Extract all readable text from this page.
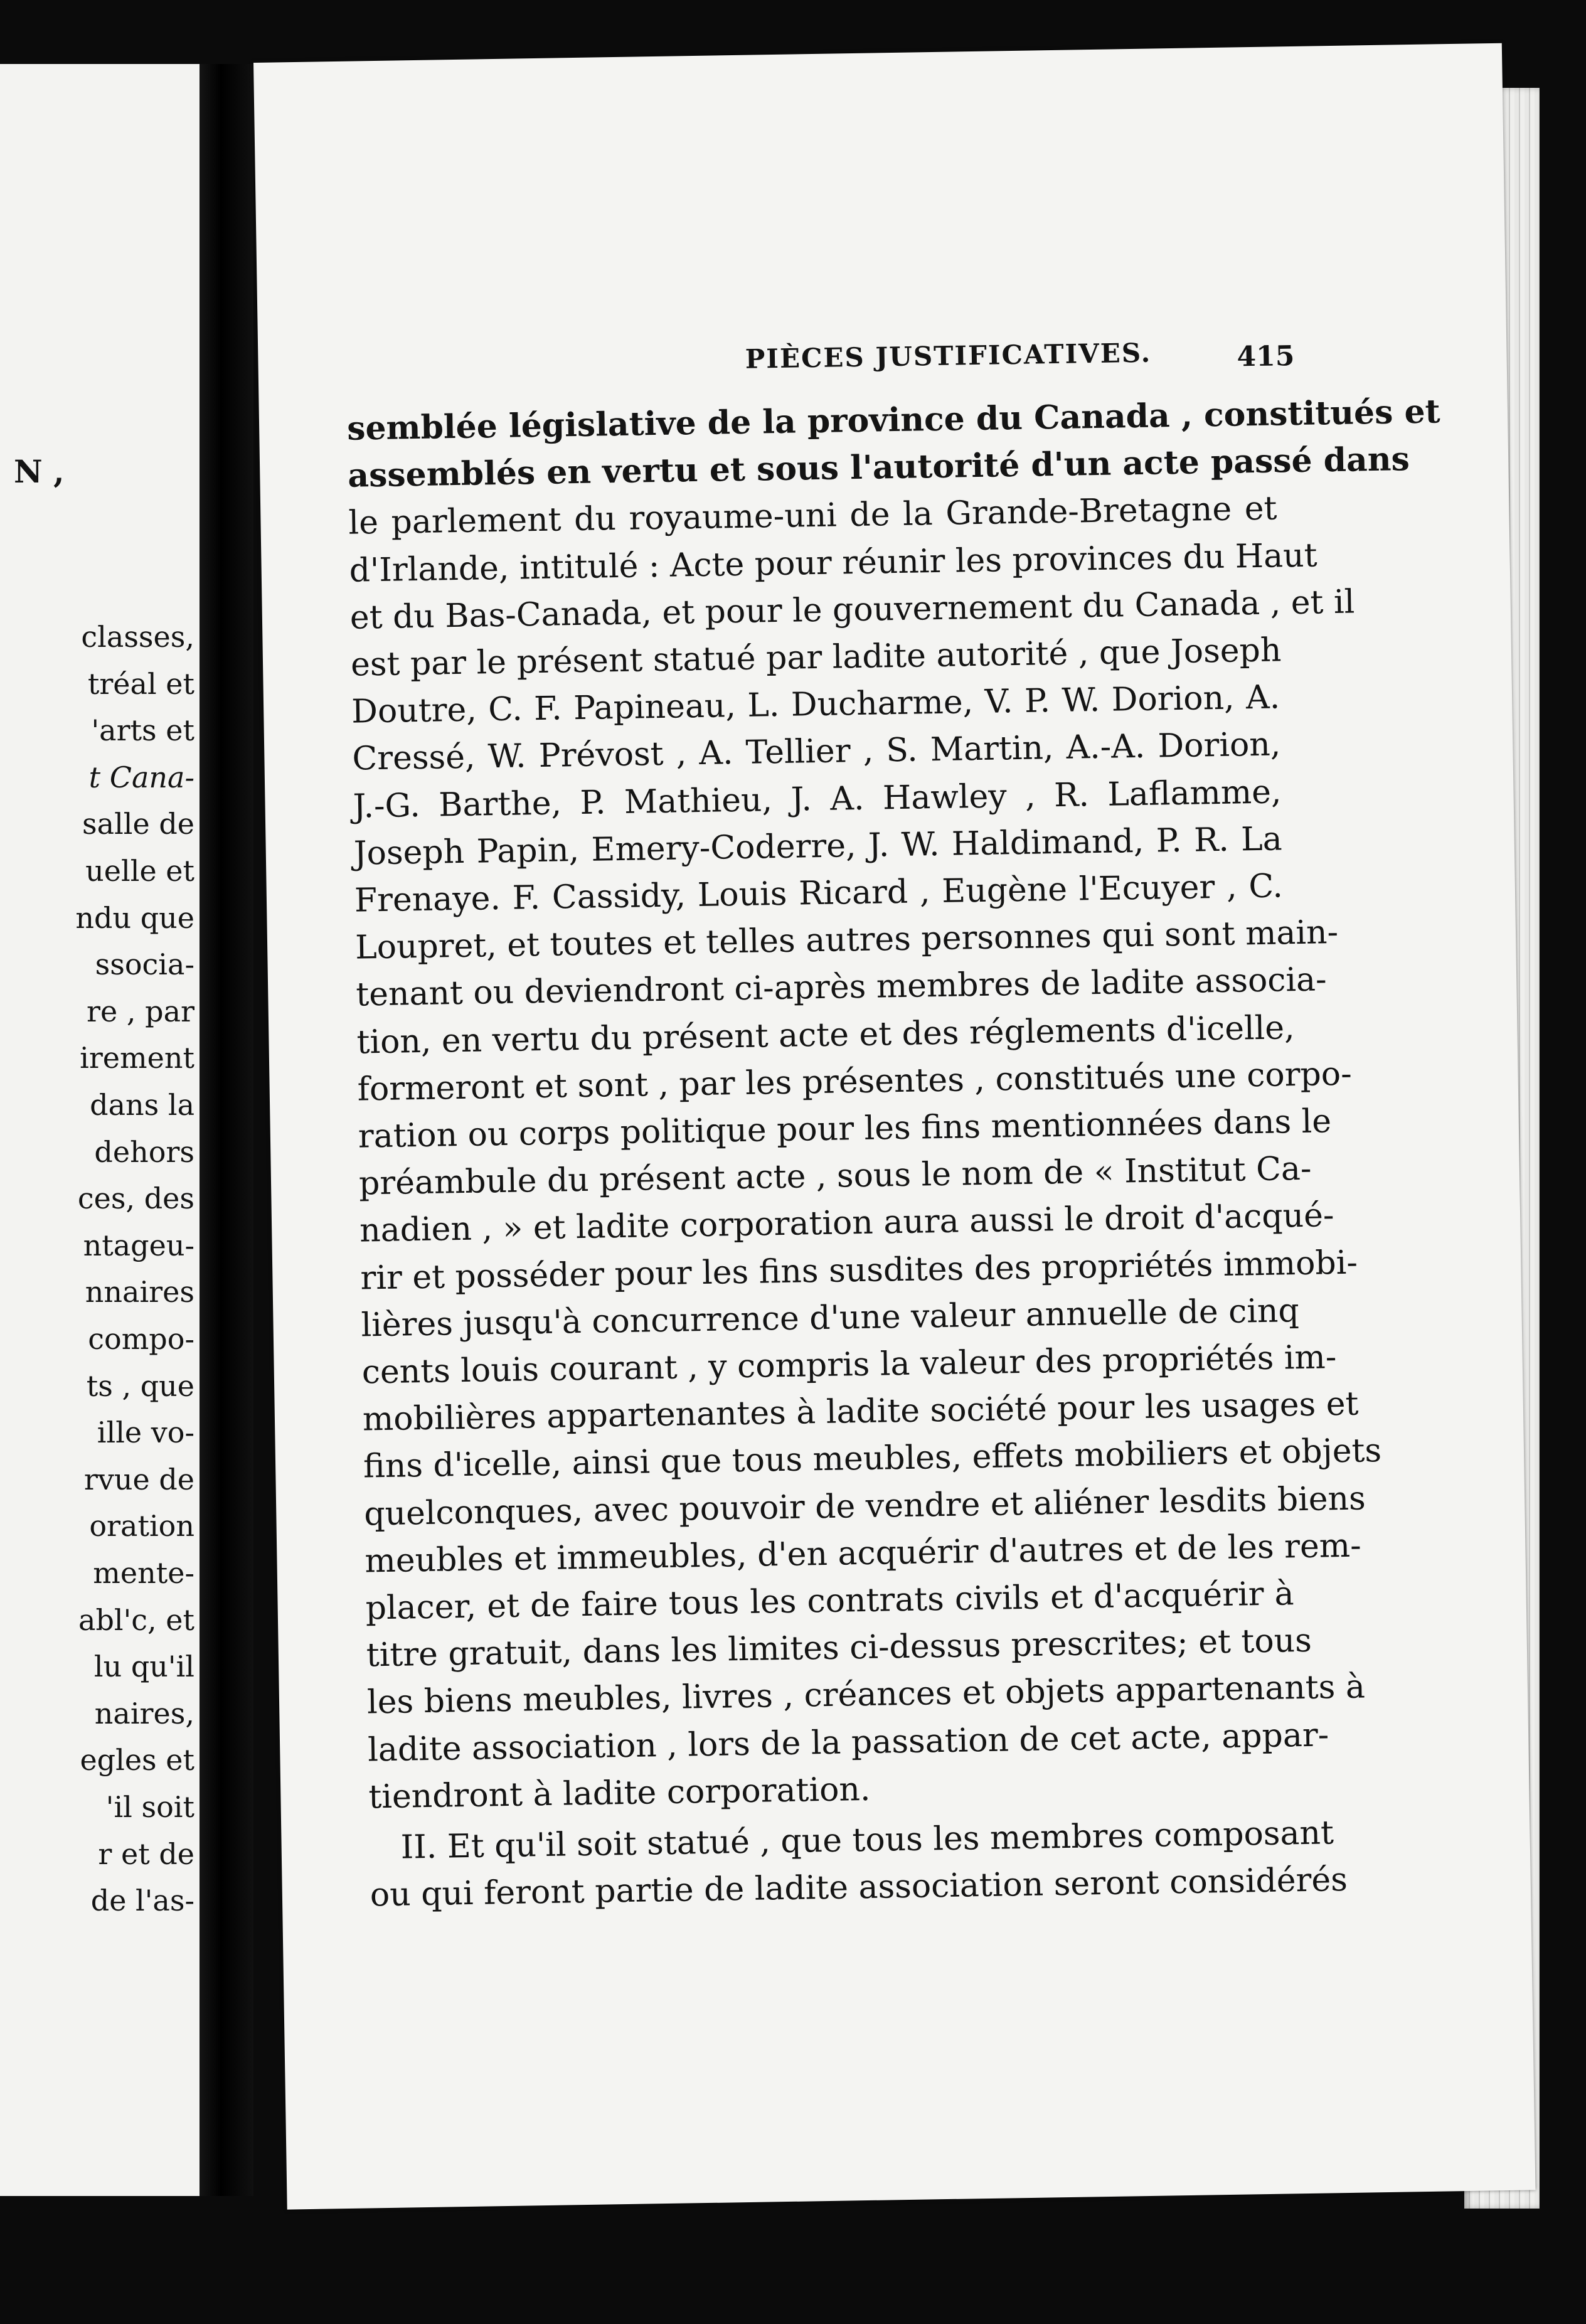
N ,
classes,
tréal et
'arts et
t Cana-
salle de
uelle et
ndu que
ssocia-
re , par
irement
dans la
dehors
ces, des
ntageu-
nnaires
compo-
ts , que
ille vo-
rvue de
oration
mente-
abl'c, et
lu qu'il
naires,
egles et
'il soit
r et de
de l'as-
PIÈCES JUSTIFICATIVES.	415
semblée législative de la province du Canada , constitués et
assemblés en vertu et sous l'autorité d'un acte passé dans
le parlement du royaume-uni de la Grande-Bretagne et
d'Irlande, intitulé : Acte pour réunir les provinces du Haut
et du Bas-Canada, et pour le gouvernement du Canada , et il
est par le présent statué par ladite autorité , que Joseph
Doutre, C. F. Papineau, L. Ducharme, V. P. W. Dorion, A.
Cressé, W. Prévost , A. Tellier , S. Martin, A.-A. Dorion,
J.-G. Barthe, P. Mathieu, J. A. Hawley , R. Laflamme,
Joseph Papin, Emery-Coderre, J. W. Haldimand, P. R. La
Frenaye. F. Cassidy, Louis Ricard , Eugène l'Ecuyer , C.
Loupret, et toutes et telles autres personnes qui sont main-
tenant ou deviendront ci-après membres de ladite associa-
tion, en vertu du présent acte et des réglements d'icelle,
formeront et sont , par les présentes , constitués une corpo-
ration ou corps politique pour les fins mentionnées dans le
préambule du présent acte , sous le nom de « Institut Ca-
nadien , » et ladite corporation aura aussi le droit d'acqué-
rir et posséder pour les fins susdites des propriétés immobi-
lières jusqu'à concurrence d'une valeur annuelle de cinq
cents louis courant , y compris la valeur des propriétés im-
mobilières appartenantes à ladite société pour les usages et
fins d'icelle, ainsi que tous meubles, effets mobiliers et objets
quelconques, avec pouvoir de vendre et aliéner lesdits biens
meubles et immeubles, d'en acquérir d'autres et de les rem-
placer, et de faire tous les contrats civils et d'acquérir à
titre gratuit, dans les limites ci-dessus prescrites; et tous
les biens meubles, livres , créances et objets appartenants à
ladite association , lors de la passation de cet acte, appar-
tiendront à ladite corporation.
II. Et qu'il soit statué , que tous les membres composant
ou qui feront partie de ladite association seront considérés
